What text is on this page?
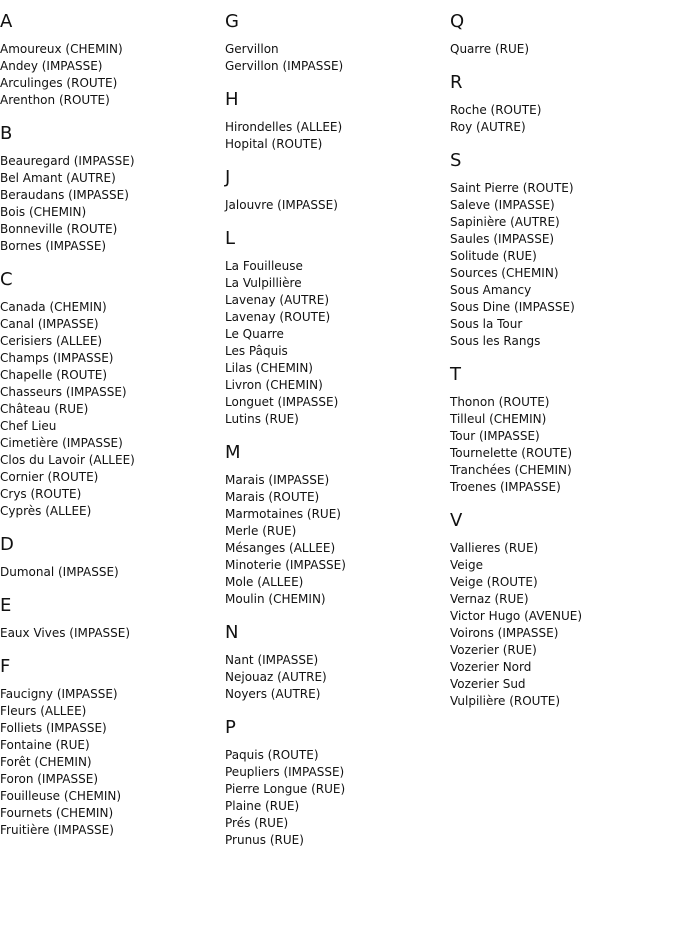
A
Amoureux (CHEMIN)
Andey (IMPASSE)
Arculinges (ROUTE)
Arenthon (ROUTE)
B
Beauregard (IMPASSE)
Bel Amant (AUTRE)
Beraudans (IMPASSE)
Bois (CHEMIN)
Bonneville (ROUTE)
Bornes (IMPASSE)
C
Canada (CHEMIN)
Canal (IMPASSE)
Cerisiers (ALLEE)
Champs (IMPASSE)
Chapelle (ROUTE)
Chasseurs (IMPASSE)
Château (RUE)
Chef Lieu
Cimetière (IMPASSE)
Clos du Lavoir (ALLEE)
Cornier (ROUTE)
Crys (ROUTE)
Cyprès (ALLEE)
D
Dumonal (IMPASSE)
E
Eaux Vives (IMPASSE)
F
Faucigny (IMPASSE)
Fleurs (ALLEE)
Folliets (IMPASSE)
Fontaine (RUE)
Forêt (CHEMIN)
Foron (IMPASSE)
Fouilleuse (CHEMIN)
Fournets (CHEMIN)
Fruitière (IMPASSE)
G
Gervillon
Gervillon (IMPASSE)
H
Hirondelles (ALLEE)
Hopital (ROUTE)
J
Jalouvre (IMPASSE)
L
La Fouilleuse
La Vulpillière
Lavenay (AUTRE)
Lavenay (ROUTE)
Le Quarre
Les Pâquis
Lilas (CHEMIN)
Livron (CHEMIN)
Longuet (IMPASSE)
Lutins (RUE)
M
Marais (IMPASSE)
Marais (ROUTE)
Marmotaines (RUE)
Merle (RUE)
Mésanges (ALLEE)
Minoterie (IMPASSE)
Mole (ALLEE)
Moulin (CHEMIN)
N
Nant (IMPASSE)
Nejouaz (AUTRE)
Noyers (AUTRE)
P
Paquis (ROUTE)
Peupliers (IMPASSE)
Pierre Longue (RUE)
Plaine (RUE)
Prés (RUE)
Prunus (RUE)
Q
Quarre (RUE)
R
Roche (ROUTE)
Roy (AUTRE)
S
Saint Pierre (ROUTE)
Saleve (IMPASSE)
Sapinière (AUTRE)
Saules (IMPASSE)
Solitude (RUE)
Sources (CHEMIN)
Sous Amancy
Sous Dine (IMPASSE)
Sous la Tour
Sous les Rangs
T
Thonon (ROUTE)
Tilleul (CHEMIN)
Tour (IMPASSE)
Tournelette (ROUTE)
Tranchées (CHEMIN)
Troenes (IMPASSE)
V
Vallieres (RUE)
Veige
Veige (ROUTE)
Vernaz (RUE)
Victor Hugo (AVENUE)
Voirons (IMPASSE)
Vozerier (RUE)
Vozerier Nord
Vozerier Sud
Vulpilière (ROUTE)
